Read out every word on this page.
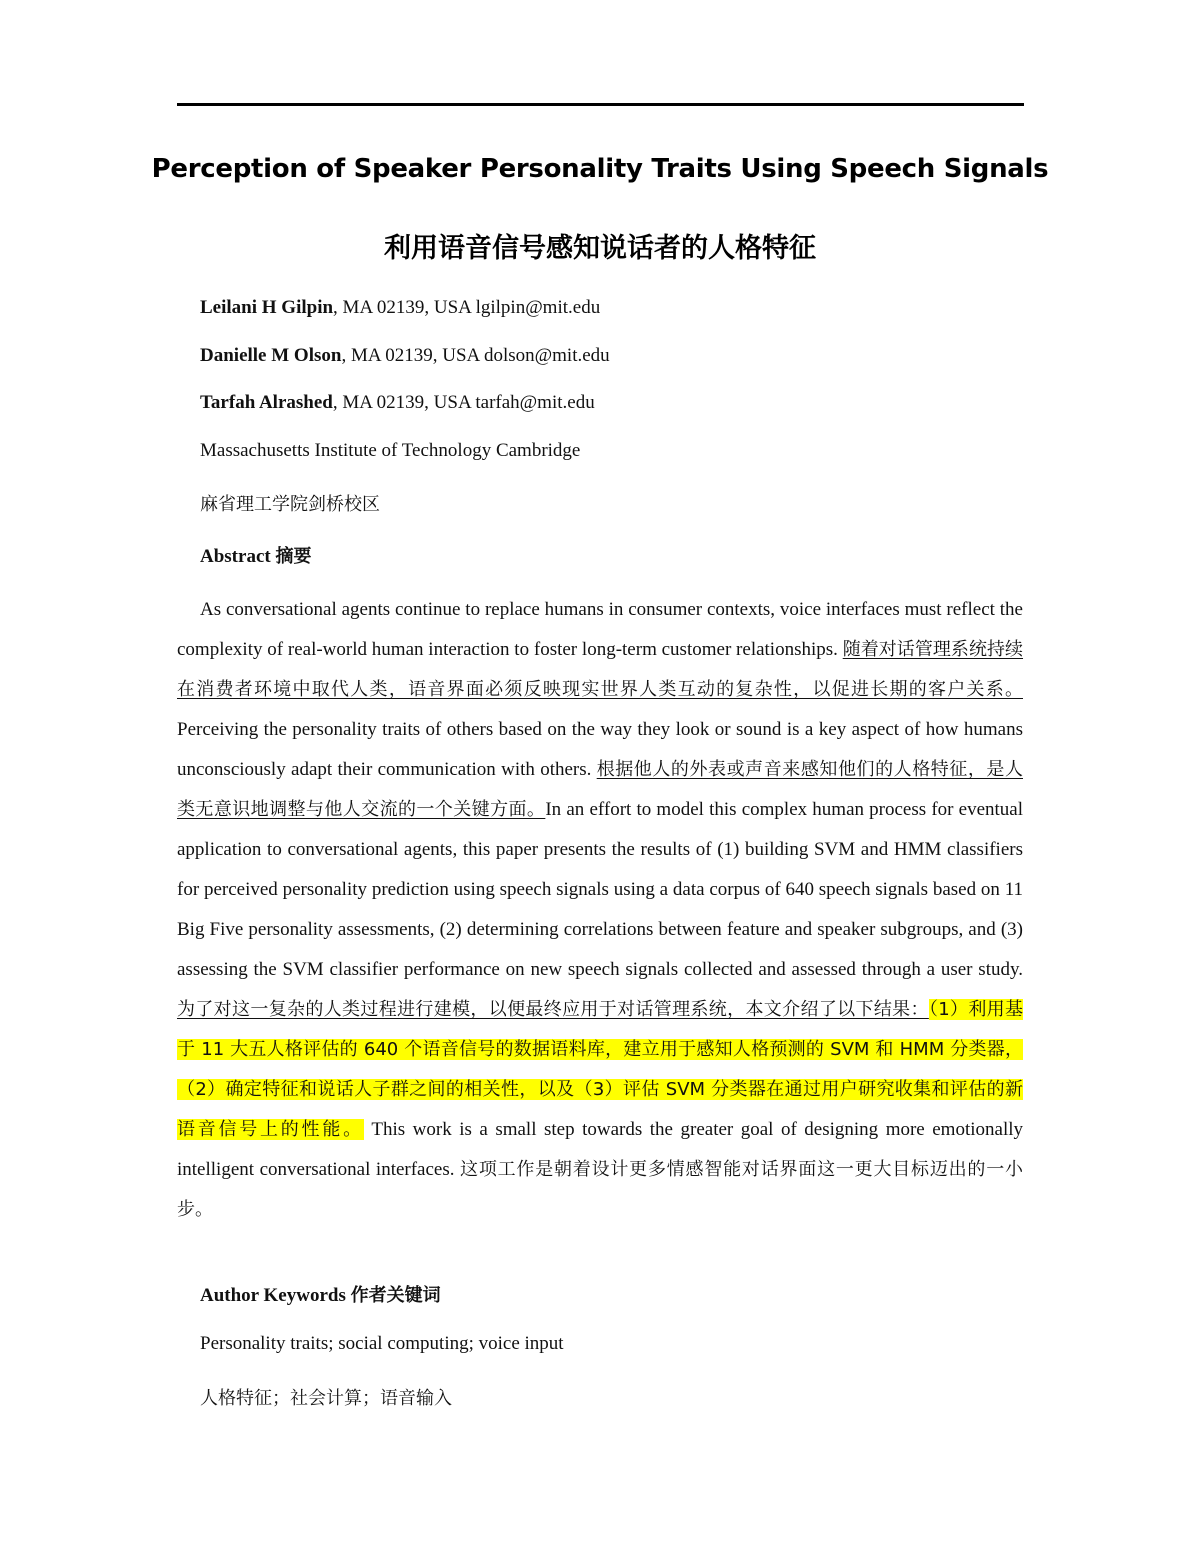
Perception of Speaker Personality Traits Using Speech Signals
利用语音信号感知说话者的人格特征
Leilani H Gilpin, MA 02139, USA lgilpin@mit.edu
Danielle M Olson, MA 02139, USA dolson@mit.edu
Tarfah Alrashed, MA 02139, USA tarfah@mit.edu
Massachusetts Institute of Technology Cambridge
麻省理工学院剑桥校区
Abstract 摘要

As conversational agents continue to replace humans in consumer contexts, voice interfaces must reflect the complexity of real-world human interaction to foster long-term customer relationships. 随着对话管理系统持续在消费者环境中取代人类，语音界面必须反映现实世界人类互动的复杂性，以促进长期的客户关系。Perceiving the personality traits of others based on the way they look or sound is a key aspect of how humans unconsciously adapt their communication with others. 根据他人的外表或声音来感知他们的人格特征，是人类无意识地调整与他人交流的一个关键方面。In an effort to model this complex human process for eventual application to conversational agents, this paper presents the results of (1) building SVM and HMM classifiers for perceived personality prediction using speech signals using a data corpus of 640 speech signals based on 11 Big Five personality assessments, (2) determining correlations between feature and speaker subgroups, and (3) assessing the SVM classifier performance on new speech signals collected and assessed through a user study. 为了对这一复杂的人类过程进行建模，以便最终应用于对话管理系统，本文介绍了以下结果：（1）利用基于 11 大五人格评估的 640 个语音信号的数据语料库，建立用于感知人格预测的 SVM 和 HMM 分类器，（2）确定特征和说话人子群之间的相关性，以及（3）评估 SVM 分类器在通过用户研究收集和评估的新语音信号上的性能。 This work is a small step towards the greater goal of designing more emotionally intelligent conversational interfaces. 这项工作是朝着设计更多情感智能对话界面这一更大目标迈出的一小步。

Author Keywords 作者关键词
Personality traits; social computing; voice input
人格特征；社会计算；语音输入
